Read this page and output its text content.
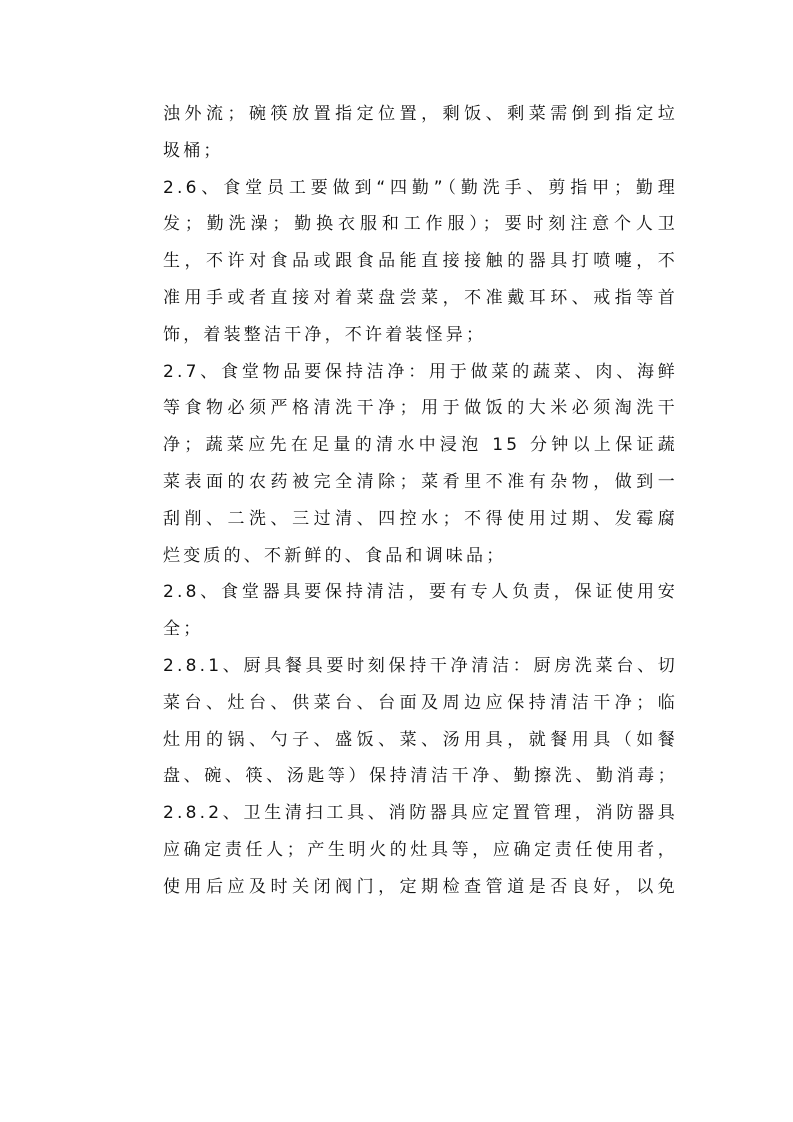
浊外流；碗筷放置指定位置，剩饭、剩菜需倒到指定垃
圾桶；
2.6、食堂员工要做到“四勤”（勤洗手、剪指甲；勤理
发；勤洗澡；勤换衣服和工作服）；要时刻注意个人卫
生，不许对食品或跟食品能直接接触的器具打喷嚏，不
准用手或者直接对着菜盘尝菜，不准戴耳环、戒指等首
饰，着装整洁干净，不许着装怪异；
2.7、食堂物品要保持洁净：用于做菜的蔬菜、肉、海鲜
等食物必须严格清洗干净；用于做饭的大米必须淘洗干
净；蔬菜应先在足量的清水中浸泡 15 分钟以上保证蔬
菜表面的农药被完全清除；菜肴里不准有杂物，做到一
刮削、二洗、三过清、四控水；不得使用过期、发霉腐
烂变质的、不新鲜的、食品和调味品；
2.8、食堂器具要保持清洁，要有专人负责，保证使用安
全；
2.8.1、厨具餐具要时刻保持干净清洁：厨房洗菜台、切
菜台、灶台、供菜台、台面及周边应保持清洁干净；临
灶用的锅、勺子、盛饭、菜、汤用具，就餐用具（如餐
盘、碗、筷、汤匙等）保持清洁干净、勤擦洗、勤消毒；
2.8.2、卫生清扫工具、消防器具应定置管理，消防器具
应确定责任人；产生明火的灶具等，应确定责任使用者，
使用后应及时关闭阀门，定期检查管道是否良好，以免
